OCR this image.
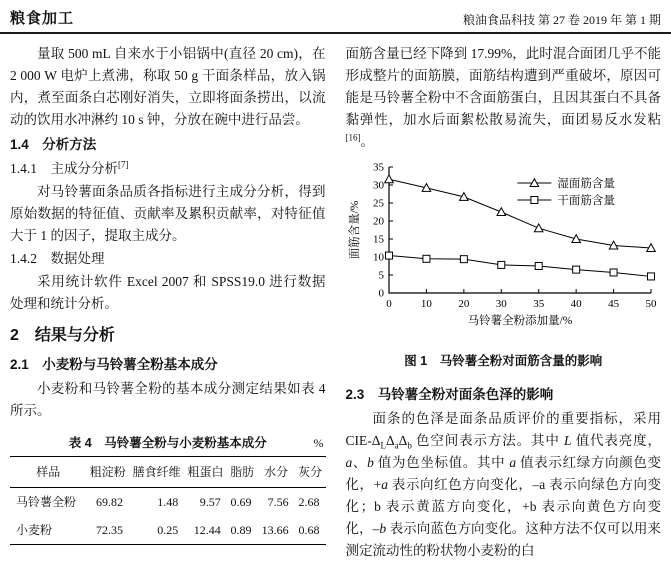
粮食加工	粮油食品科技 第 27 卷 2019 年 第 1 期

量取 500 mL 自来水于小铝锅中(直径 20 cm)，在 2 000 W 电炉上煮沸，称取 50 g 干面条样品，放入锅内，煮至面条白芯刚好消失，立即将面条捞出，以流动的饮用水冲淋约 10 s 钟，分放在碗中进行品尝。

1.4　分析方法

1.4.1　主成分分析[7]

对马铃薯面条品质各指标进行主成分分析，得到原始数据的特征值、贡献率及累积贡献率，对特征值大于 1 的因子，提取主成分。

1.4.2　数据处理

采用统计软件 Excel 2007 和 SPSS19.0 进行数据处理和统计分析。

2　结果与分析

2.1　小麦粉与马铃薯全粉基本成分

小麦粉和马铃薯全粉的基本成分测定结果如表 4 所示。

表 4　马铃薯全粉与小麦粉基本成分	%
样品	粗淀粉	膳食纤维	粗蛋白	脂肪	水分	灰分
马铃薯全粉	69.82	1.48	9.57	0.69	7.56	2.68
小麦粉	72.35	0.25	12.44	0.89	13.66	0.68

面筋含量已经下降到 17.99%，此时混合面团几乎不能形成整片的面筋膜，面筋结构遭到严重破坏，原因可能是马铃薯全粉中不含面筋蛋白，且因其蛋白不具备黏弹性，加水后面絮松散易流失，面团易反水发粘[16]。

0
5
10
15
20
25
30
35
0	10 20 30 35 40 45 50
马铃薯全粉添加量/%
面筋含量/%
湿面筋含量
干面筋含量
图 1　马铃薯全粉对面筋含量的影响

2.3　马铃薯全粉对面条色泽的影响

面条的色泽是面条品质评价的重要指标，采用 CIE-$\Delta_L\Delta_a\Delta_b$ 色空间表示方法。其中 L 值代表亮度，a、b 值为色坐标值。其中 a 值表示红绿方向颜色变化，+a 表示向红色方向变化，–a 表示向绿色方向变化；b 表示黄蓝方向变化，+b 表示向黄色方向变化，–b 表示向蓝色方向变化。这种方法不仅可以用来测定流动性的粉状物小麦粉的白
